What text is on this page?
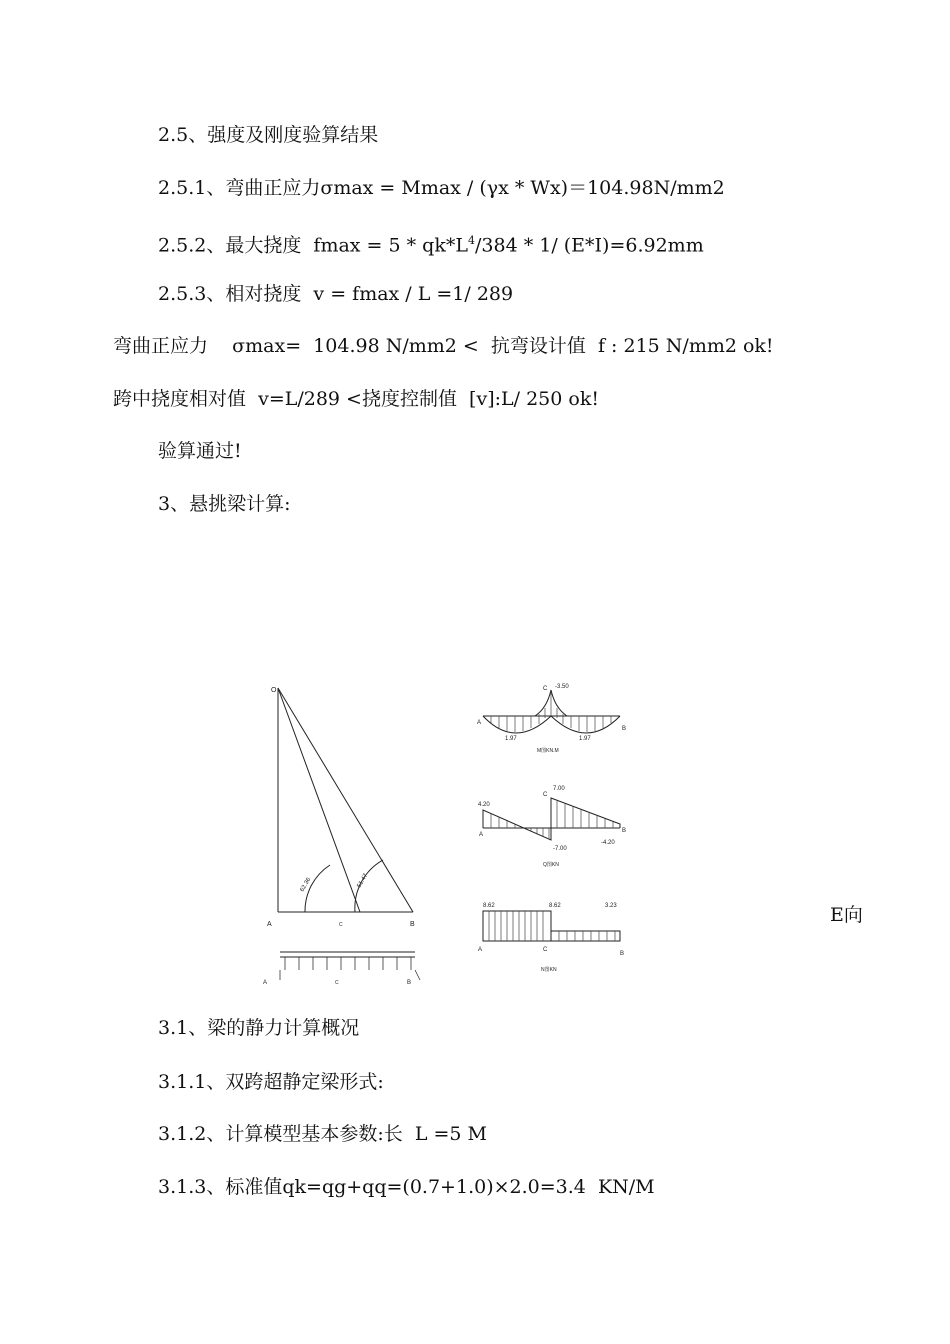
2.5、强度及刚度验算结果
2.5.1、弯曲正应力σmax = Mmax / (γx * Wx)＝104.98N/mm2
2.5.2、最大挠度  $fmax = 5 * qk*L^4/384 * 1/$ (E*I)=6.92mm
2.5.3、相对挠度  v = fmax / L =1/ 289
弯曲正应力    σmax=  104.98 N/mm2 <  抗弯设计值  f : 215 N/mm2 ok!
跨中挠度相对值  v=L/289 <挠度控制值  [v]:L/ 250 ok!
验算通过!
3、悬挑梁计算:
3.1、梁的静力计算概况
3.1.1、双跨超静定梁形式:
3.1.2、计算模型基本参数:长  L =5 M
3.1.3、标准值qk=qg+qq=(0.7+1.0)×2.0=3.4  KN/M
E向
O
A	B
C
62.36	51.47
A	C	B
C -3.50
A
B
1.97	1.97
M图KN.M
4.20
C
7.00
-7.00
A
B
-4.20
Q图KN
8.62	8.62	3.23
A	C
B
N图KN
